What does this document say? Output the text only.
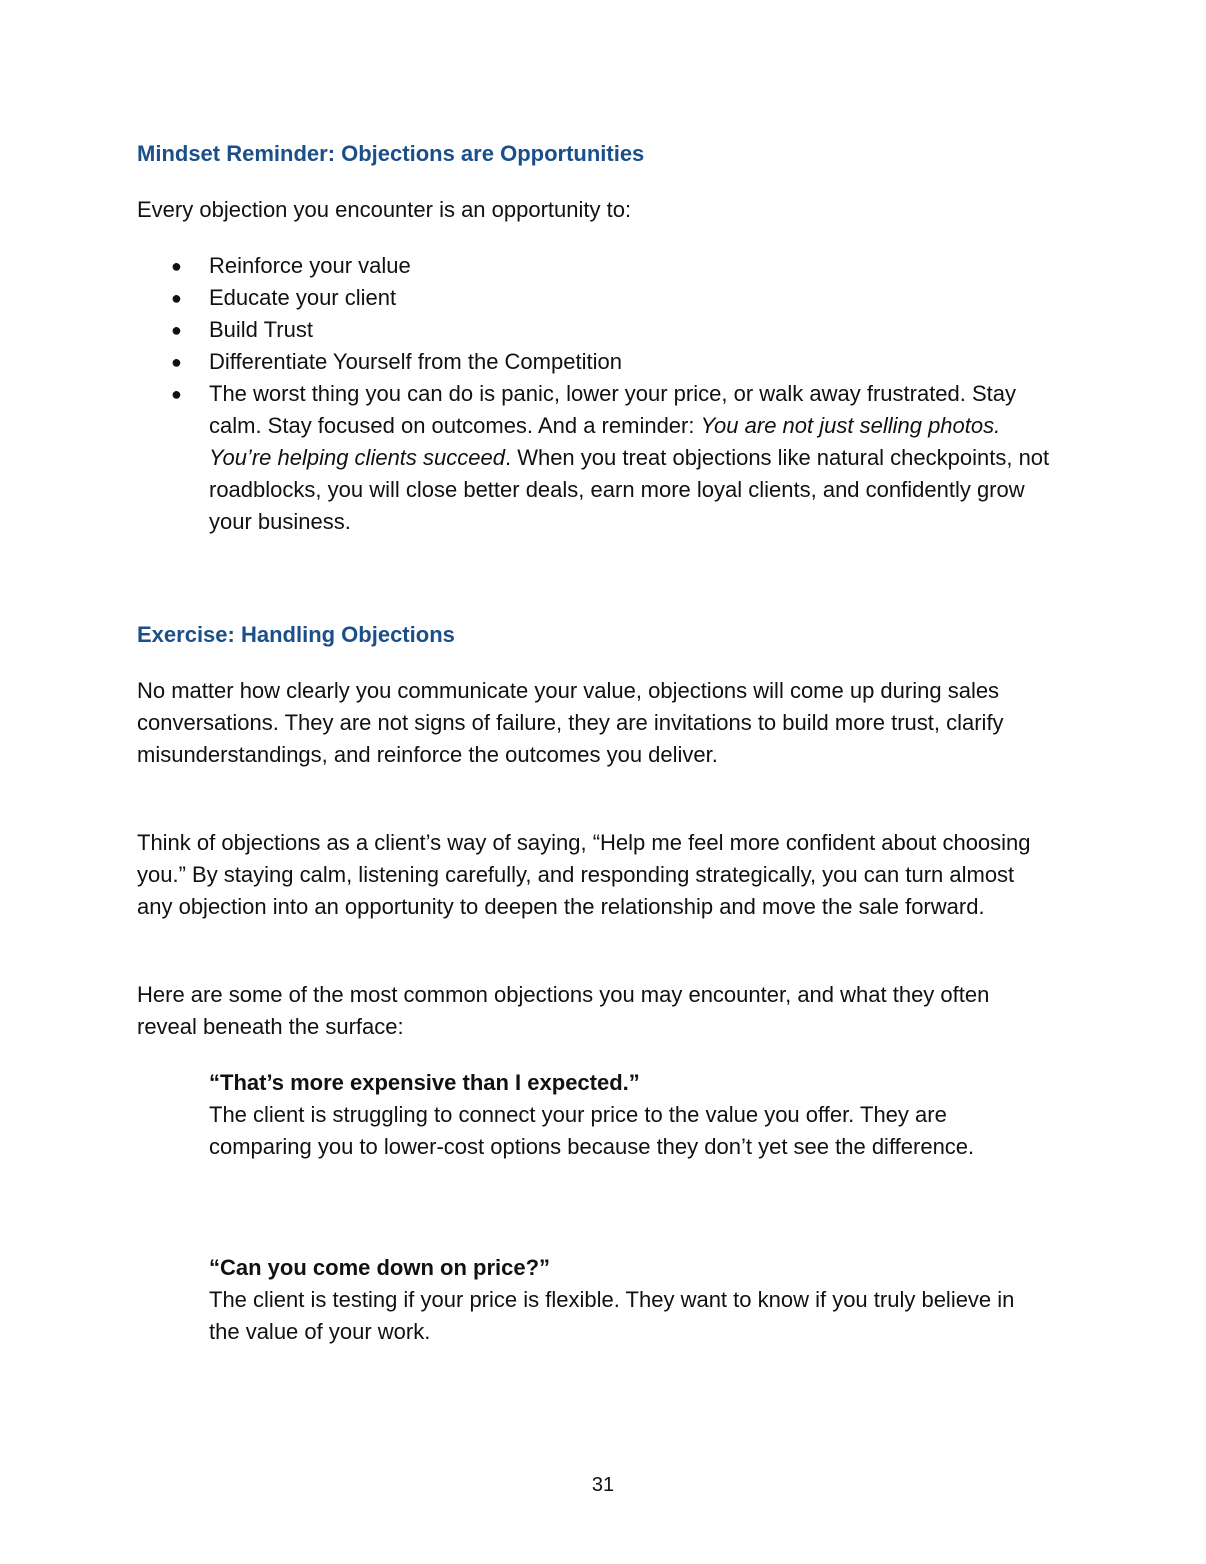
Mindset Reminder: Objections are Opportunities
Every objection you encounter is an opportunity to:
● Reinforce your value
● Educate your client
● Build Trust
● Differentiate Yourself from the Competition
● The worst thing you can do is panic, lower your price, or walk away frustrated. Stay calm. Stay focused on outcomes. And a reminder: You are not just selling photos. You’re helping clients succeed. When you treat objections like natural checkpoints, not roadblocks, you will close better deals, earn more loyal clients, and confidently grow your business.
Exercise: Handling Objections
No matter how clearly you communicate your value, objections will come up during sales conversations. They are not signs of failure, they are invitations to build more trust, clarify misunderstandings, and reinforce the outcomes you deliver.
Think of objections as a client’s way of saying, “Help me feel more confident about choosing you.” By staying calm, listening carefully, and responding strategically, you can turn almost any objection into an opportunity to deepen the relationship and move the sale forward.
Here are some of the most common objections you may encounter, and what they often reveal beneath the surface:
“That’s more expensive than I expected.”
The client is struggling to connect your price to the value you offer. They are comparing you to lower-cost options because they don’t yet see the difference.
“Can you come down on price?”
The client is testing if your price is flexible. They want to know if you truly believe in the value of your work.
31
